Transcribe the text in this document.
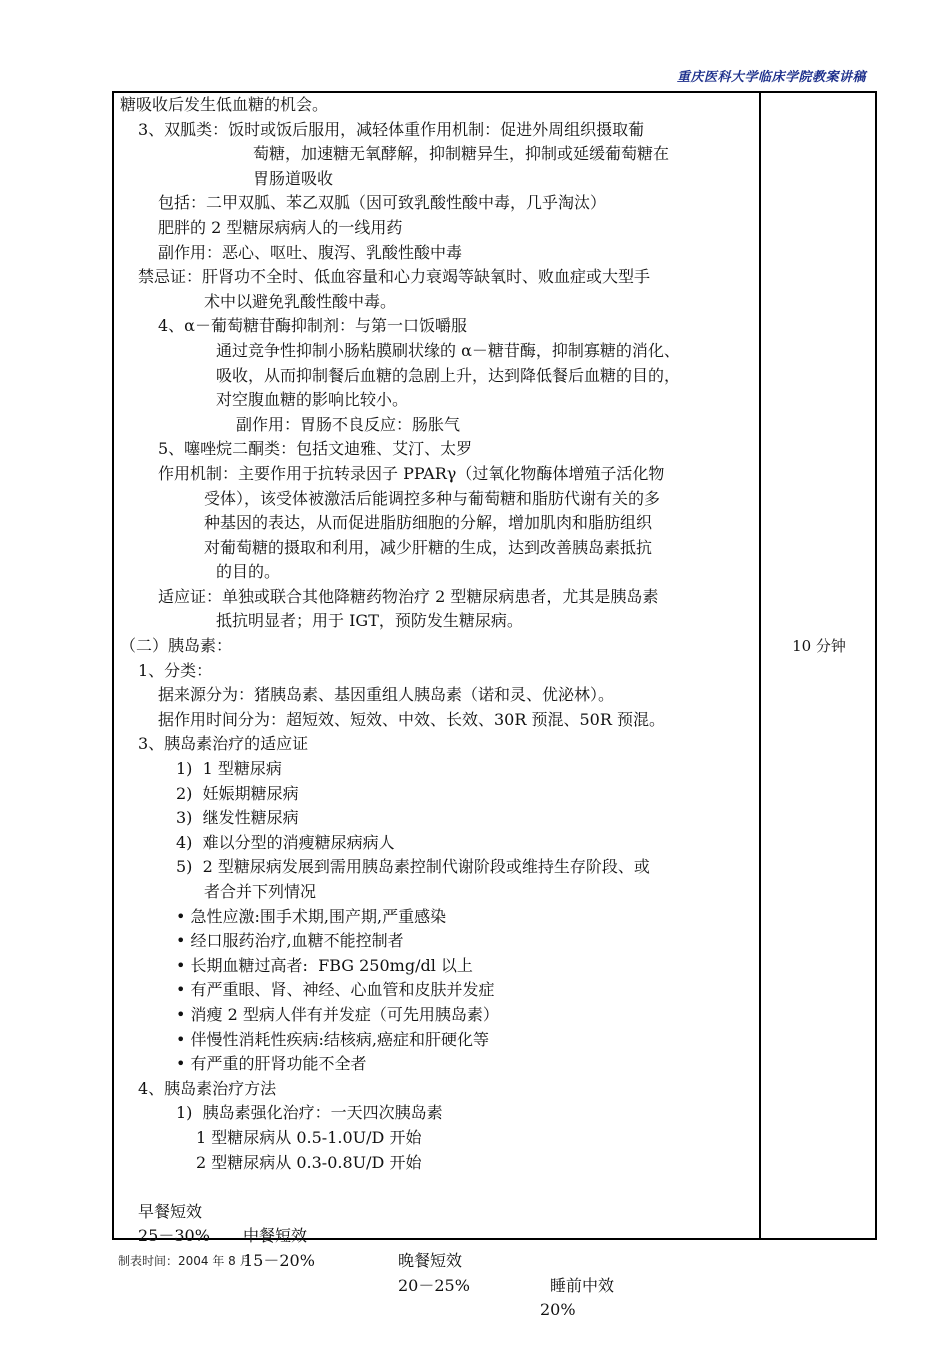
重庆医科大学临床学院教案讲稿
10 分钟
糖吸收后发生低血糖的机会。
3、双胍类：饭时或饭后服用，减轻体重作用机制：促进外周组织摄取葡
萄糖，加速糖无氧酵解，抑制糖异生，抑制或延缓葡萄糖在
胃肠道吸收
包括：二甲双胍、苯乙双胍（因可致乳酸性酸中毒，几乎淘汰）
肥胖的 2 型糖尿病病人的一线用药
副作用：恶心、呕吐、腹泻、乳酸性酸中毒
禁忌证：肝肾功不全时、低血容量和心力衰竭等缺氧时、败血症或大型手
术中以避免乳酸性酸中毒。
4、α－葡萄糖苷酶抑制剂：与第一口饭嚼服
通过竞争性抑制小肠粘膜刷状缘的 α－糖苷酶，抑制寡糖的消化、
吸收，从而抑制餐后血糖的急剧上升，达到降低餐后血糖的目的，
对空腹血糖的影响比较小。
副作用：胃肠不良反应：肠胀气
5、噻唑烷二酮类：包括文迪雅、艾汀、太罗
作用机制：主要作用于抗转录因子 PPARγ（过氧化物酶体增殖子活化物
受体），该受体被激活后能调控多种与葡萄糖和脂肪代谢有关的多
种基因的表达，从而促进脂肪细胞的分解，增加肌肉和脂肪组织
对葡萄糖的摄取和利用，减少肝糖的生成，达到改善胰岛素抵抗
的目的。
适应证：单独或联合其他降糖药物治疗 2 型糖尿病患者，尤其是胰岛素
抵抗明显者；用于 IGT，预防发生糖尿病。
（二）胰岛素：
1、分类：
据来源分为：猪胰岛素、基因重组人胰岛素（诺和灵、优泌林）。
据作用时间分为：超短效、短效、中效、长效、30R 预混、50R 预混。
3、胰岛素治疗的适应证
1)  1 型糖尿病
2)  妊娠期糖尿病
3)  继发性糖尿病
4)  难以分型的消瘦糖尿病病人
5)  2 型糖尿病发展到需用胰岛素控制代谢阶段或维持生存阶段、或
者合并下列情况
• 急性应激:围手术期,围产期,严重感染
• 经口服药治疗,血糖不能控制者
• 长期血糖过高者:  FBG 250mg/dl 以上
• 有严重眼、肾、神经、心血管和皮肤并发症
• 消瘦 2 型病人伴有并发症（可先用胰岛素）
• 伴慢性消耗性疾病:结核病,癌症和肝硬化等
• 有严重的肝肾功能不全者
4、胰岛素治疗方法
1)  胰岛素强化治疗：一天四次胰岛素
1 型糖尿病从 0.5-1.0U/D 开始
2 型糖尿病从 0.3-0.8U/D 开始

早餐短效

中餐短效

晚餐短效

睡前中效

25－30%

15－20%

20－25%

20%

制表时间：2004 年 8 月
